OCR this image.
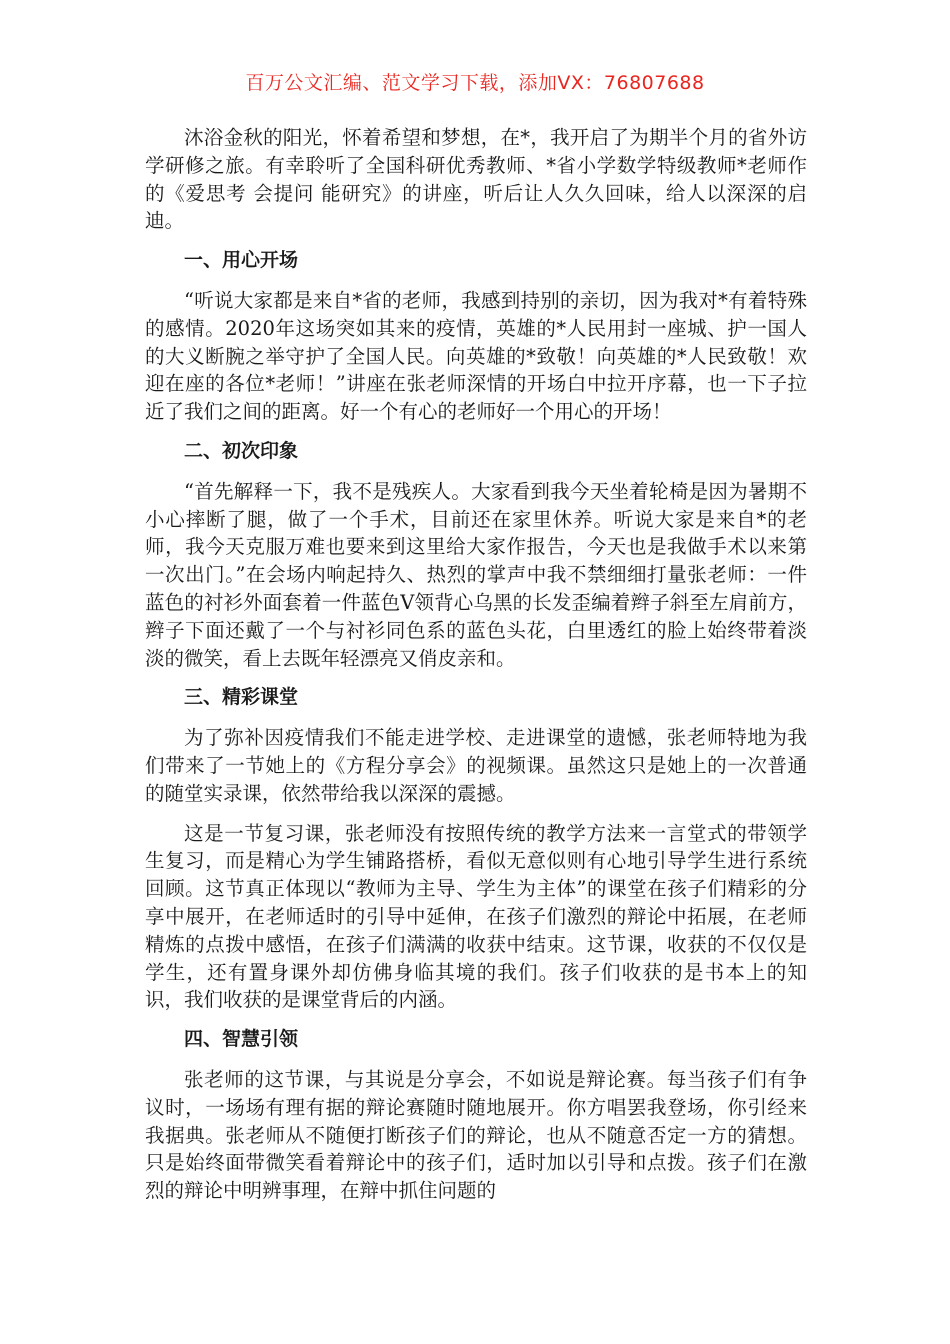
百万公文汇编、范文学习下载，添加VX：76807688

沐浴金秋的阳光，怀着希望和梦想，在*，我开启了为期半个月的省外访学研修之旅。有幸聆听了全国科研优秀教师、*省小学数学特级教师*老师作的《爱思考 会提问 能研究》的讲座，听后让人久久回味，给人以深深的启迪。

一、用心开场

“听说大家都是来自*省的老师，我感到持别的亲切，因为我对*有着特殊的感情。2020年这场突如其来的疫情，英雄的*人民用封一座城、护一国人的大义断腕之举守护了全国人民。向英雄的*致敬！向英雄的*人民致敬！欢迎在座的各位*老师！”讲座在张老师深情的开场白中拉开序幕，也一下子拉近了我们之间的距离。好一个有心的老师好一个用心的开场！

二、初次印象

“首先解释一下，我不是残疾人。大家看到我今天坐着轮椅是因为暑期不小心摔断了腿，做了一个手术，目前还在家里休养。听说大家是来自*的老师，我今天克服万难也要来到这里给大家作报告，今天也是我做手术以来第一次出门。”在会场内响起持久、热烈的掌声中我不禁细细打量张老师：一件蓝色的衬衫外面套着一件蓝色V领背心乌黑的长发歪编着辫子斜至左肩前方，辫子下面还戴了一个与衬衫同色系的蓝色头花，白里透红的脸上始终带着淡淡的微笑，看上去既年轻漂亮又俏皮亲和。

三、精彩课堂

为了弥补因疫情我们不能走进学校、走进课堂的遗憾，张老师特地为我们带来了一节她上的《方程分享会》的视频课。虽然这只是她上的一次普通的随堂实录课，依然带给我以深深的震撼。

这是一节复习课，张老师没有按照传统的教学方法来一言堂式的带领学生复习，而是精心为学生铺路搭桥，看似无意似则有心地引导学生进行系统回顾。这节真正体现以“教师为主导、学生为主体”的课堂在孩子们精彩的分享中展开，在老师适时的引导中延伸，在孩子们激烈的辩论中拓展，在老师精炼的点拨中感悟，在孩子们满满的收获中结束。这节课，收获的不仅仅是学生，还有置身课外却仿佛身临其境的我们。孩子们收获的是书本上的知识，我们收获的是课堂背后的内涵。

四、智慧引领

张老师的这节课，与其说是分享会，不如说是辩论赛。每当孩子们有争议时，一场场有理有据的辩论赛随时随地展开。你方唱罢我登场，你引经来我据典。张老师从不随便打断孩子们的辩论，也从不随意否定一方的猜想。只是始终面带微笑看着辩论中的孩子们，适时加以引导和点拨。孩子们在激烈的辩论中明辨事理，在辩中抓住问题的
